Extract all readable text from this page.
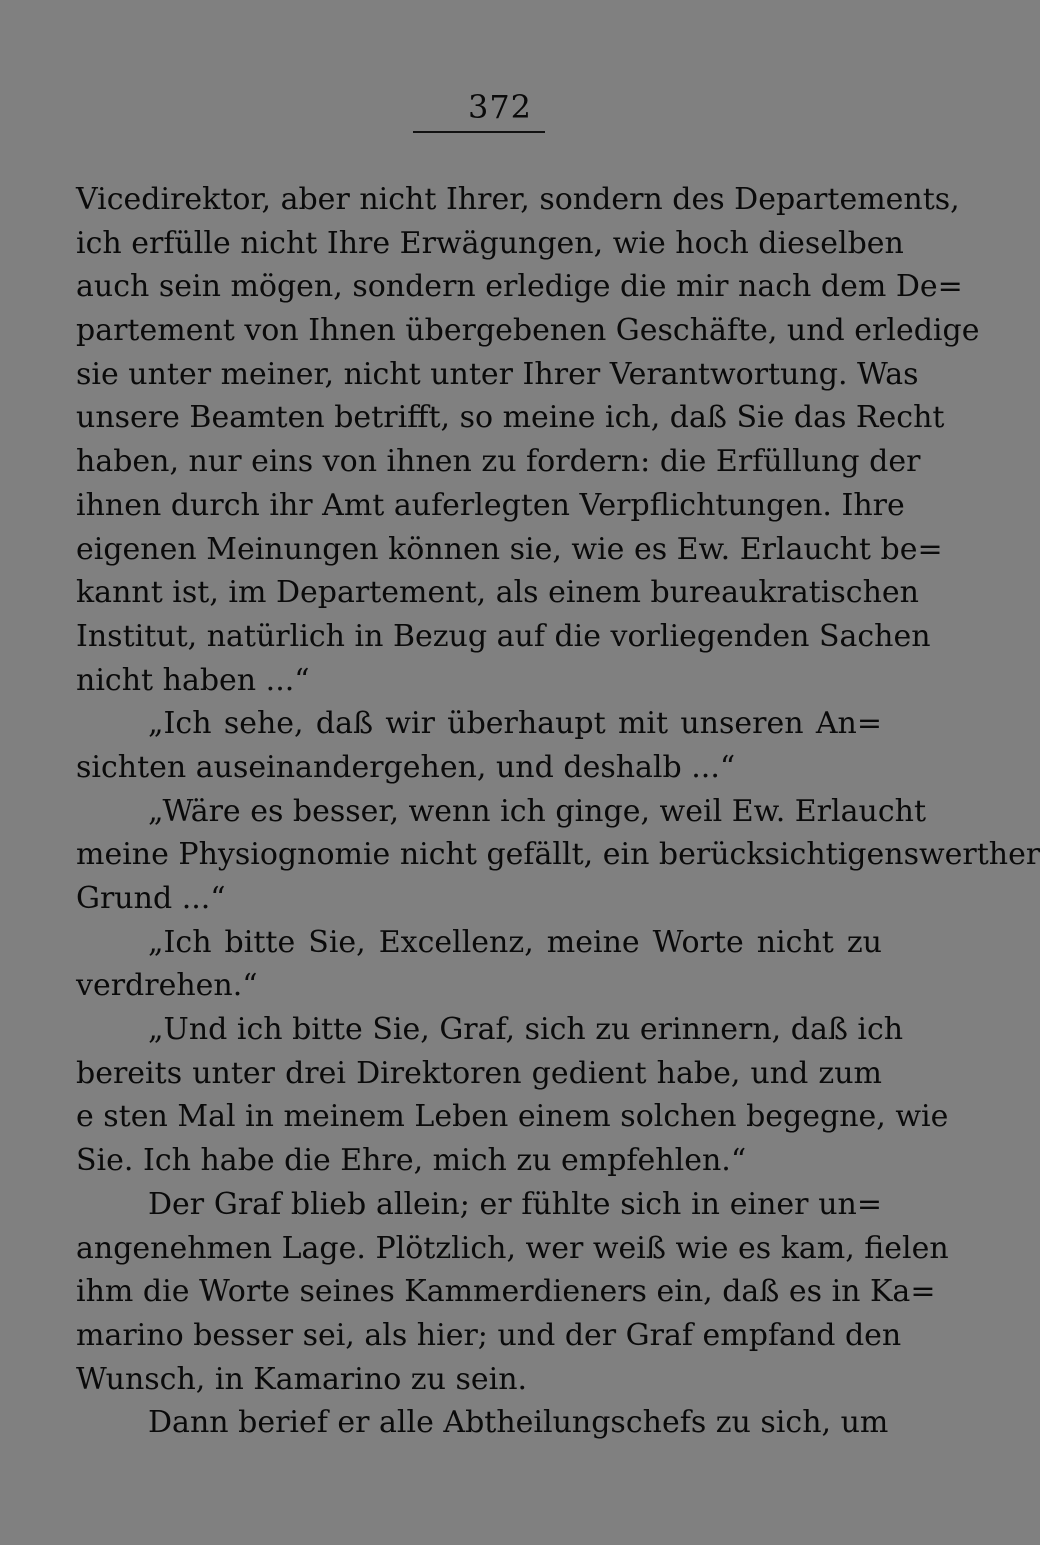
372
Vicedirektor, aber nicht Ihrer, sondern des Departements,
ich erfülle nicht Ihre Erwägungen, wie hoch dieselben
auch sein mögen, sondern erledige die mir nach dem De=
partement von Ihnen übergebenen Geschäfte, und erledige
sie unter meiner, nicht unter Ihrer Verantwortung. Was
unsere Beamten betrifft, so meine ich, daß Sie das Recht
haben, nur eins von ihnen zu fordern: die Erfüllung der
ihnen durch ihr Amt auferlegten Verpflichtungen. Ihre
eigenen Meinungen können sie, wie es Ew. Erlaucht be=
kannt ist, im Departement, als einem bureaukratischen
Institut, natürlich in Bezug auf die vorliegenden Sachen
nicht haben ...“
„Ich sehe, daß wir überhaupt mit unseren An=
sichten auseinandergehen, und deshalb ...“
„Wäre es besser, wenn ich ginge, weil Ew. Erlaucht
meine Physiognomie nicht gefällt, ein berücksichtigenswerther
Grund ...“
„Ich bitte Sie, Excellenz, meine Worte nicht zu
verdrehen.“
„Und ich bitte Sie, Graf, sich zu erinnern, daß ich
bereits unter drei Direktoren gedient habe, und zum
e sten Mal in meinem Leben einem solchen begegne, wie
Sie. Ich habe die Ehre, mich zu empfehlen.“
Der Graf blieb allein; er fühlte sich in einer un=
angenehmen Lage. Plötzlich, wer weiß wie es kam, fielen
ihm die Worte seines Kammerdieners ein, daß es in Ka=
marino besser sei, als hier; und der Graf empfand den
Wunsch, in Kamarino zu sein.
Dann berief er alle Abtheilungschefs zu sich, um
